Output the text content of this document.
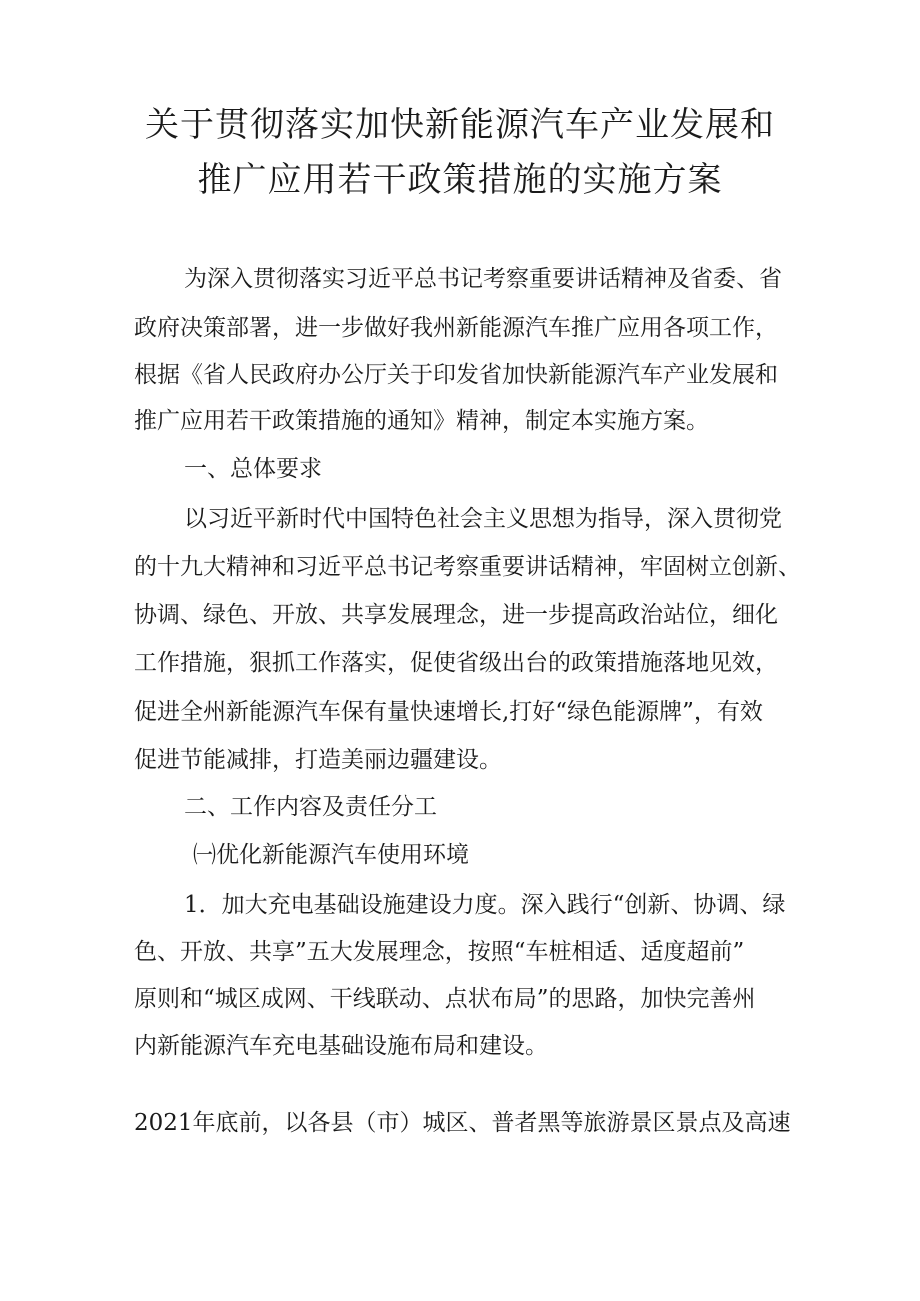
关于贯彻落实加快新能源汽车产业发展和
推广应用若干政策措施的实施方案
为深入贯彻落实习近平总书记考察重要讲话精神及省委、省
政府决策部署，进一步做好我州新能源汽车推广应用各项工作，
根据《省人民政府办公厅关于印发省加快新能源汽车产业发展和
推广应用若干政策措施的通知》精神，制定本实施方案。
一、总体要求
以习近平新时代中国特色社会主义思想为指导，深入贯彻党
的十九大精神和习近平总书记考察重要讲话精神，牢固树立创新、
协调、绿色、开放、共享发展理念，进一步提高政治站位，细化
工作措施，狠抓工作落实，促使省级出台的政策措施落地见效，
促进全州新能源汽车保有量快速增长,打好“绿色能源牌”，有效
促进节能减排，打造美丽边疆建设。
二、工作内容及责任分工
㈠优化新能源汽车使用环境
1．加大充电基础设施建设力度。深入践行“创新、协调、绿
色、开放、共享”五大发展理念，按照“车桩相适、适度超前”
原则和“城区成网、干线联动、点状布局”的思路，加快完善州
内新能源汽车充电基础设施布局和建设。
2021年底前，以各县（市）城区、普者黑等旅游景区景点及高速
